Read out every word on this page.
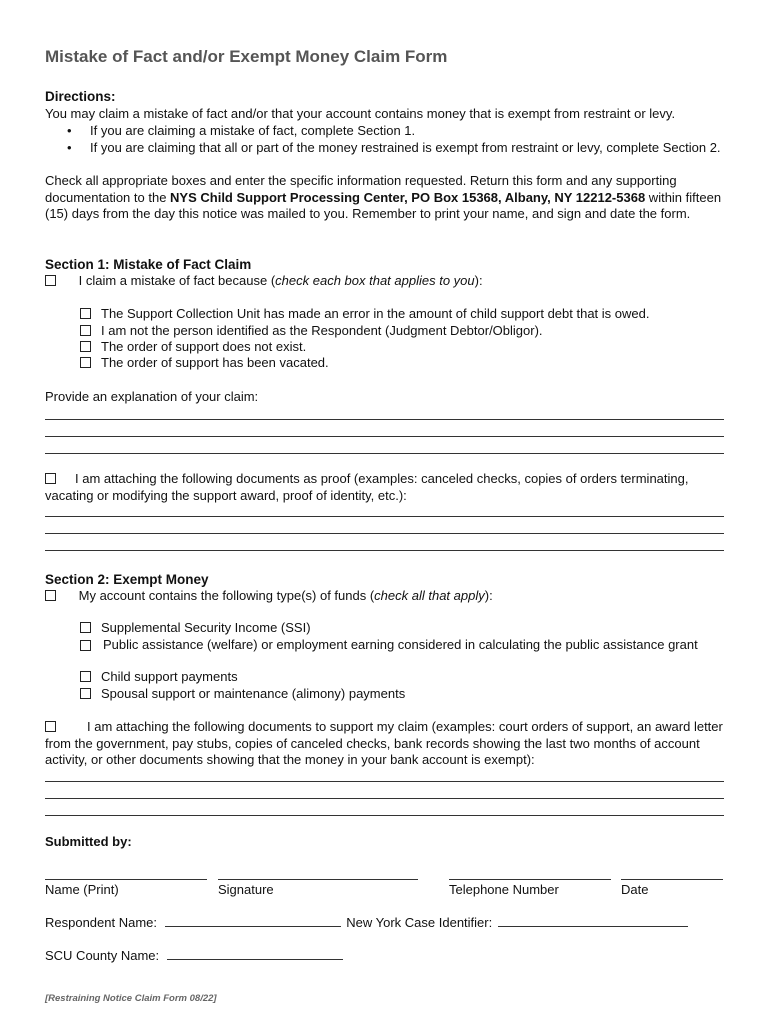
Mistake of Fact and/or Exempt Money Claim Form
Directions:
You may claim a mistake of fact and/or that your account contains money that is exempt from restraint or levy.
• If you are claiming a mistake of fact, complete Section 1.
• If you are claiming that all or part of the money restrained is exempt from restraint or levy, complete Section 2.
Check all appropriate boxes and enter the specific information requested. Return this form and any supporting documentation to the NYS Child Support Processing Center, PO Box 15368, Albany, NY 12212-5368 within fifteen (15) days from the day this notice was mailed to you. Remember to print your name, and sign and date the form.
Section 1: Mistake of Fact Claim
I claim a mistake of fact because (check each box that applies to you):
The Support Collection Unit has made an error in the amount of child support debt that is owed.
I am not the person identified as the Respondent (Judgment Debtor/Obligor).
The order of support does not exist.
The order of support has been vacated.
Provide an explanation of your claim:
I am attaching the following documents as proof (examples: canceled checks, copies of orders terminating, vacating or modifying the support award, proof of identity, etc.):
Section 2: Exempt Money
My account contains the following type(s) of funds (check all that apply):
Supplemental Security Income (SSI)
Public assistance (welfare) or employment earning considered in calculating the public assistance grant
Child support payments
Spousal support or maintenance (alimony) payments
I am attaching the following documents to support my claim (examples: court orders of support, an award letter from the government, pay stubs, copies of canceled checks, bank records showing the last two months of account activity, or other documents showing that the money in your bank account is exempt):
Submitted by:
Name (Print)	Signature	Telephone Number	Date
Respondent Name:	New York Case Identifier:
SCU County Name:
[Restraining Notice Claim Form 08/22]
